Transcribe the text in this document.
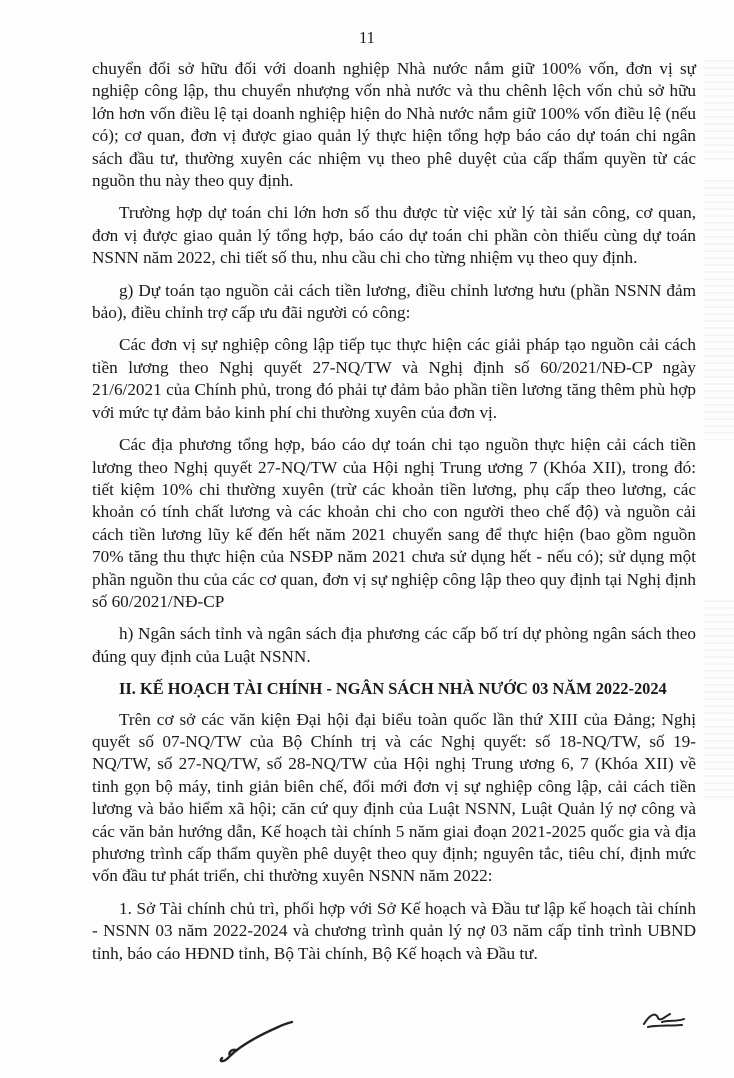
11

chuyển đổi sở hữu đối với doanh nghiệp Nhà nước nắm giữ 100% vốn, đơn vị sự nghiệp công lập, thu chuyển nhượng vốn nhà nước và thu chênh lệch vốn chủ sở hữu lớn hơn vốn điều lệ tại doanh nghiệp hiện do Nhà nước nắm giữ 100% vốn điều lệ (nếu có); cơ quan, đơn vị được giao quản lý thực hiện tổng hợp báo cáo dự toán chi ngân sách đầu tư, thường xuyên các nhiệm vụ theo phê duyệt của cấp thẩm quyền từ các nguồn thu này theo quy định.

Trường hợp dự toán chi lớn hơn số thu được từ việc xử lý tài sản công, cơ quan, đơn vị được giao quản lý tổng hợp, báo cáo dự toán chi phần còn thiếu cùng dự toán NSNN năm 2022, chi tiết số thu, nhu cầu chi cho từng nhiệm vụ theo quy định.

g) Dự toán tạo nguồn cải cách tiền lương, điều chỉnh lương hưu (phần NSNN đảm bảo), điều chỉnh trợ cấp ưu đãi người có công:

Các đơn vị sự nghiệp công lập tiếp tục thực hiện các giải pháp tạo nguồn cải cách tiền lương theo Nghị quyết 27-NQ/TW và Nghị định số 60/2021/NĐ-CP ngày 21/6/2021 của Chính phủ, trong đó phải tự đảm bảo phần tiền lương tăng thêm phù hợp với mức tự đảm bảo kinh phí chi thường xuyên của đơn vị.

Các địa phương tổng hợp, báo cáo dự toán chi tạo nguồn thực hiện cải cách tiền lương theo Nghị quyết 27-NQ/TW của Hội nghị Trung ương 7 (Khóa XII), trong đó: tiết kiệm 10% chi thường xuyên (trừ các khoản tiền lương, phụ cấp theo lương, các khoản có tính chất lương và các khoản chi cho con người theo chế độ) và nguồn cải cách tiền lương lũy kế đến hết năm 2021 chuyển sang để thực hiện (bao gồm nguồn 70% tăng thu thực hiện của NSĐP năm 2021 chưa sử dụng hết - nếu có); sử dụng một phần nguồn thu của các cơ quan, đơn vị sự nghiệp công lập theo quy định tại Nghị định số 60/2021/NĐ-CP

h) Ngân sách tỉnh và ngân sách địa phương các cấp bố trí dự phòng ngân sách theo đúng quy định của Luật NSNN.

II. KẾ HOẠCH TÀI CHÍNH - NGÂN SÁCH NHÀ NƯỚC 03 NĂM 2022-2024

Trên cơ sở các văn kiện Đại hội đại biểu toàn quốc lần thứ XIII của Đảng; Nghị quyết số 07-NQ/TW của Bộ Chính trị và các Nghị quyết: số 18-NQ/TW, số 19-NQ/TW, số 27-NQ/TW, số 28-NQ/TW của Hội nghị Trung ương 6, 7 (Khóa XII) về tinh gọn bộ máy, tinh giản biên chế, đổi mới đơn vị sự nghiệp công lập, cải cách tiền lương và bảo hiểm xã hội; căn cứ quy định của Luật NSNN, Luật Quản lý nợ công và các văn bản hướng dẫn, Kế hoạch tài chính 5 năm giai đoạn 2021-2025 quốc gia và địa phương trình cấp thẩm quyền phê duyệt theo quy định; nguyên tắc, tiêu chí, định mức vốn đầu tư phát triển, chi thường xuyên NSNN năm 2022:

1. Sở Tài chính chủ trì, phối hợp với Sở Kế hoạch và Đầu tư lập kế hoạch tài chính - NSNN 03 năm 2022-2024 và chương trình quản lý nợ 03 năm cấp tỉnh trình UBND tỉnh, báo cáo HĐND tỉnh, Bộ Tài chính, Bộ Kế hoạch và Đầu tư.
